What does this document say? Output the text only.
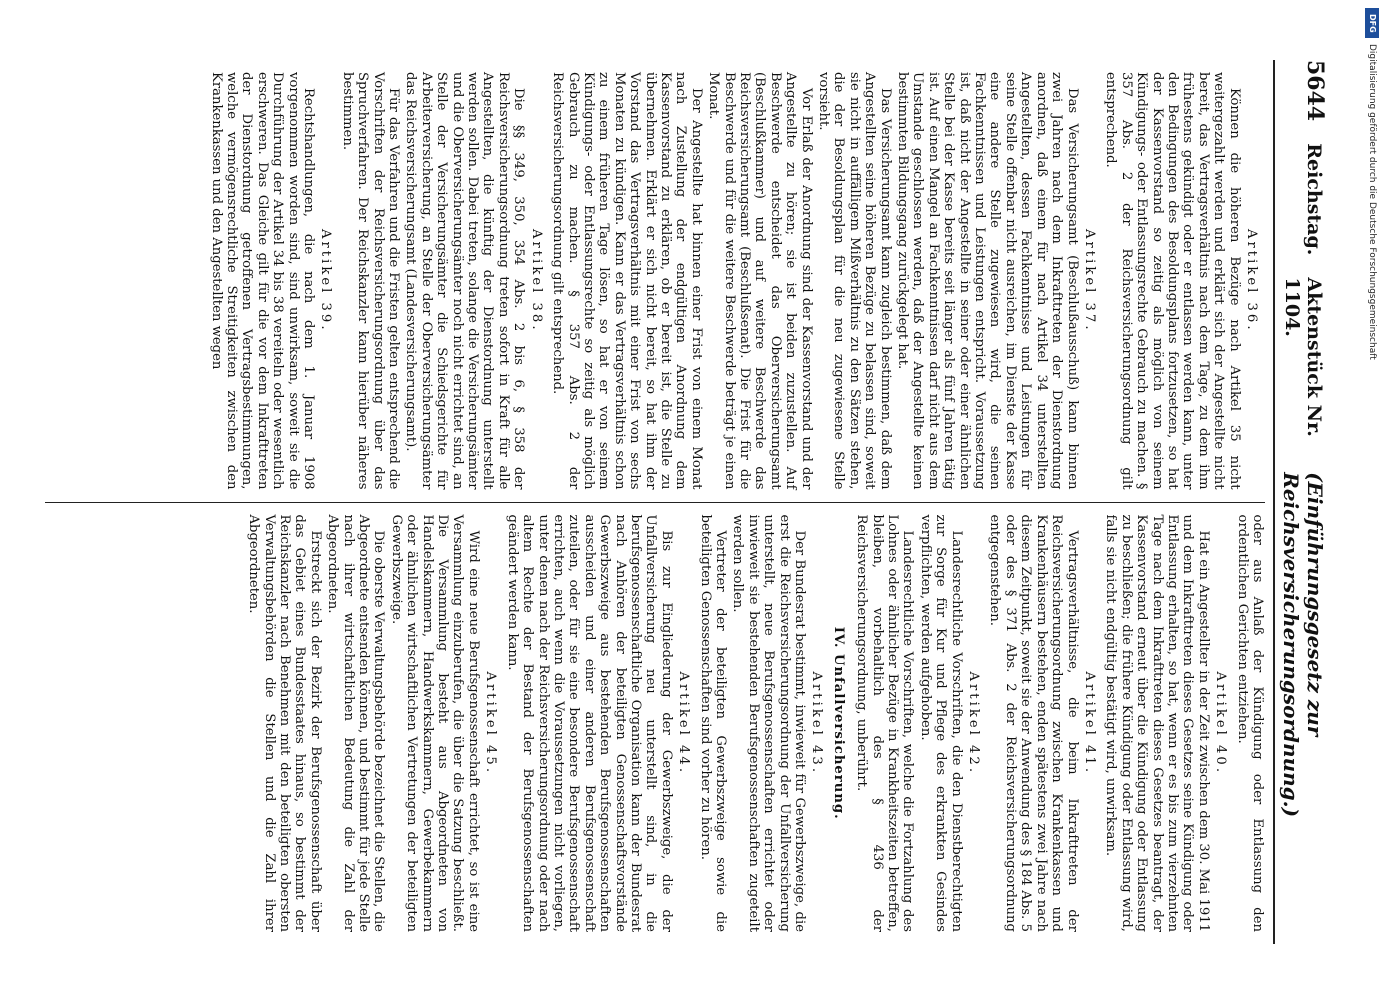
5644
Reichstag.
Aktenstück Nr. 1104.
(Einführungsgesetz zur Reichsversicherungsordnung.)
Artikel 36.

Können die höheren Bezüge nach Artikel 35 nicht weitergezahlt werden und erklärt sich der Angestellte nicht bereit, das Vertragsverhältnis nach dem Tage, zu dem ihm frühestens gekündigt oder er entlassen werden kann, unter den Bedingungen des Besoldungsplans fortzusetzen, so hat der Kassenvorstand so zeitig als möglich von seinem Kündigungs- oder Entlassungsrechte Gebrauch zu machen. § 357 Abs. 2 der Reichsversicherungsordnung gilt entsprechend.

Artikel 37.

Das Versicherungsamt (Beschlußausschuß) kann binnen zwei Jahren nach dem Inkrafttreten der Dienstordnung anordnen, daß einem für nach Artikel 34 unterstellten Angestellten, dessen Fachkenntnisse und Leistungen für seine Stelle offenbar nicht ausreichen, im Dienste der Kasse eine andere Stelle zugewiesen wird, die seinen Fachkenntnissen und Leistungen entspricht. Voraussetzung ist, daß nicht der Angestellte in seiner oder einer ähnlichen Stelle bei der Kasse bereits seit länger als fünf Jahren tätig ist. Auf einen Mangel an Fachkenntnissen darf nicht aus dem Umstande geschlossen werden, daß der Angestellte keinen bestimmten Bildungsgang zurückgelegt hat.

Das Versicherungsamt kann zugleich bestimmen, daß dem Angestellten seine höheren Bezüge zu belassen sind, soweit sie nicht in auffälligem Mißverhältnis zu den Sätzen stehen, die der Besoldungsplan für die neu zugewiesene Stelle vorsieht.

Vor Erlaß der Anordnung sind der Kassenvorstand und der Angestellte zu hören; sie ist beiden zuzustellen. Auf Beschwerde entscheidet das Oberversicherungsamt (Beschlußkammer) und auf weitere Beschwerde das Reichsversicherungsamt (Beschlußsenat). Die Frist für die Beschwerde und für die weitere Beschwerde beträgt je einen Monat.

Der Angestellte hat binnen einer Frist von einem Monat nach Zustellung der endgültigen Anordnung dem Kassenvorstand zu erklären, ob er bereit ist, die Stelle zu übernehmen. Erklärt er sich nicht bereit, so hat ihm der Vorstand das Vertragsverhältnis mit einer Frist von sechs Monaten zu kündigen. Kann er das Vertragsverhältnis schon zu einem früheren Tage lösen, so hat er von seinem Kündigungs- oder Entlassungsrechte so zeitig als möglich Gebrauch zu machen. § 357 Abs. 2 der Reichsversicherungsordnung gilt entsprechend.

Artikel 38.

Die §§ 349, 350, 354 Abs. 2 bis 6, § 358 der Reichsversicherungsordnung treten sofort in Kraft für alle Angestellten, die künftig der Dienstordnung unterstellt werden sollen. Dabei treten, solange die Versicherungsämter und die Oberversicherungsämter noch nicht errichtet sind, an Stelle der Versicherungsämter die Schiedsgerichte für Arbeiterversicherung, an Stelle der Oberversicherungsämter das Reichsversicherungsamt (Landesversicherungsamt).

Für das Verfahren und die Fristen gelten entsprechend die Vorschriften der Reichsversicherungsordnung über das Spruchverfahren. Der Reichskanzler kann hierüber näheres bestimmen.

Artikel 39.

Rechtshandlungen, die nach dem 1. Januar 1908 vorgenommen worden sind, sind unwirksam, soweit sie die Durchführung der Artikel 34 bis 38 vereiteln oder wesentlich erschweren. Das Gleiche gilt für die vor dem Inkrafttreten der Dienstordnung getroffenen Vertragsbestimmungen, welche vermögensrechtliche Streitigkeiten zwischen den Krankenkassen und den Angestellten wegen

oder aus Anlaß der Kündigung oder Entlassung den ordentlichen Gerichten entziehen.

Artikel 40.

Hat ein Angestellter in der Zeit zwischen dem 30. Mai 1911 und dem Inkrafttreten dieses Gesetzes seine Kündigung oder Entlassung erhalten, so hat, wenn er es bis zum vierzehnten Tage nach dem Inkrafttreten dieses Gesetzes beantragt, der Kassenvorstand erneut über die Kündigung oder Entlassung zu beschließen; die frühere Kündigung oder Entlassung wird, falls sie nicht endgültig bestätigt wird, unwirksam.

Artikel 41.

Vertragsverhältnisse, die beim Inkrafttreten der Reichsversicherungsordnung zwischen Krankenkassen und Krankenhäusern bestehen, enden spätestens zwei Jahre nach diesem Zeitpunkt, soweit sie der Anwendung des § 184 Abs. 5 oder des § 371 Abs. 2 der Reichsversicherungsordnung entgegenstehen.

Artikel 42.

Landesrechtliche Vorschriften, die den Dienstberechtigten zur Sorge für Kur und Pflege des erkrankten Gesindes verpflichten, werden aufgehoben.

Landesrechtliche Vorschriften, welche die Fortzahlung des Lohnes oder ähnlicher Bezüge in Krankheitszeiten betreffen, bleiben, vorbehaltlich des § 436 der Reichsversicherungsordnung, unberührt.

IV. Unfallversicherung.
Artikel 43.

Der Bundesrat bestimmt, inwieweit für Gewerbszweige, die erst die Reichsversicherungsordnung der Unfallversicherung unterstellt, neue Berufsgenossenschaften errichtet oder inwieweit sie bestehenden Berufsgenossenschaften zugeteilt werden sollen.

Vertreter der beteiligten Gewerbszweige sowie die beteiligten Genossenschaften sind vorher zu hören.

Artikel 44.

Bis zur Eingliederung der Gewerbszweige, die der Unfallversicherung neu unterstellt sind, in die berufsgenossenschaftliche Organisation kann der Bundesrat nach Anhören der beteiligten Genossenschaftsvorstände Gewerbszweige aus bestehenden Berufsgenossenschaften ausscheiden und einer anderen Berufsgenossenschaft zuteilen, oder für sie eine besondere Berufsgenossenschaft errichten, auch wenn die Voraussetzungen nicht vorliegen, unter denen nach der Reichsversicherungsordnung oder nach altem Rechte der Bestand der Berufsgenossenschaften geändert werden kann.

Artikel 45.

Wird eine neue Berufsgenossenschaft errichtet, so ist eine Versammlung einzuberufen, die über die Satzung beschließt. Die Versammlung besteht aus Abgeordneten von Handelskammern, Handwerkskammern, Gewerbekammern oder ähnlichen wirtschaftlichen Vertretungen der beteiligten Gewerbszweige.

Die oberste Verwaltungsbehörde bezeichnet die Stellen, die Abgeordnete entsenden können, und bestimmt für jede Stelle nach ihrer wirtschaftlichen Bedeutung die Zahl der Abgeordneten.

Erstreckt sich der Bezirk der Berufsgenossenschaft über das Gebiet eines Bundesstaates hinaus, so bestimmt der Reichskanzler nach Benehmen mit den beteiligten obersten Verwaltungsbehörden die Stellen und die Zahl ihrer Abgeordneten.

DFG
Digitalisierung gefördert durch die Deutsche Forschungsgemeinschaft
